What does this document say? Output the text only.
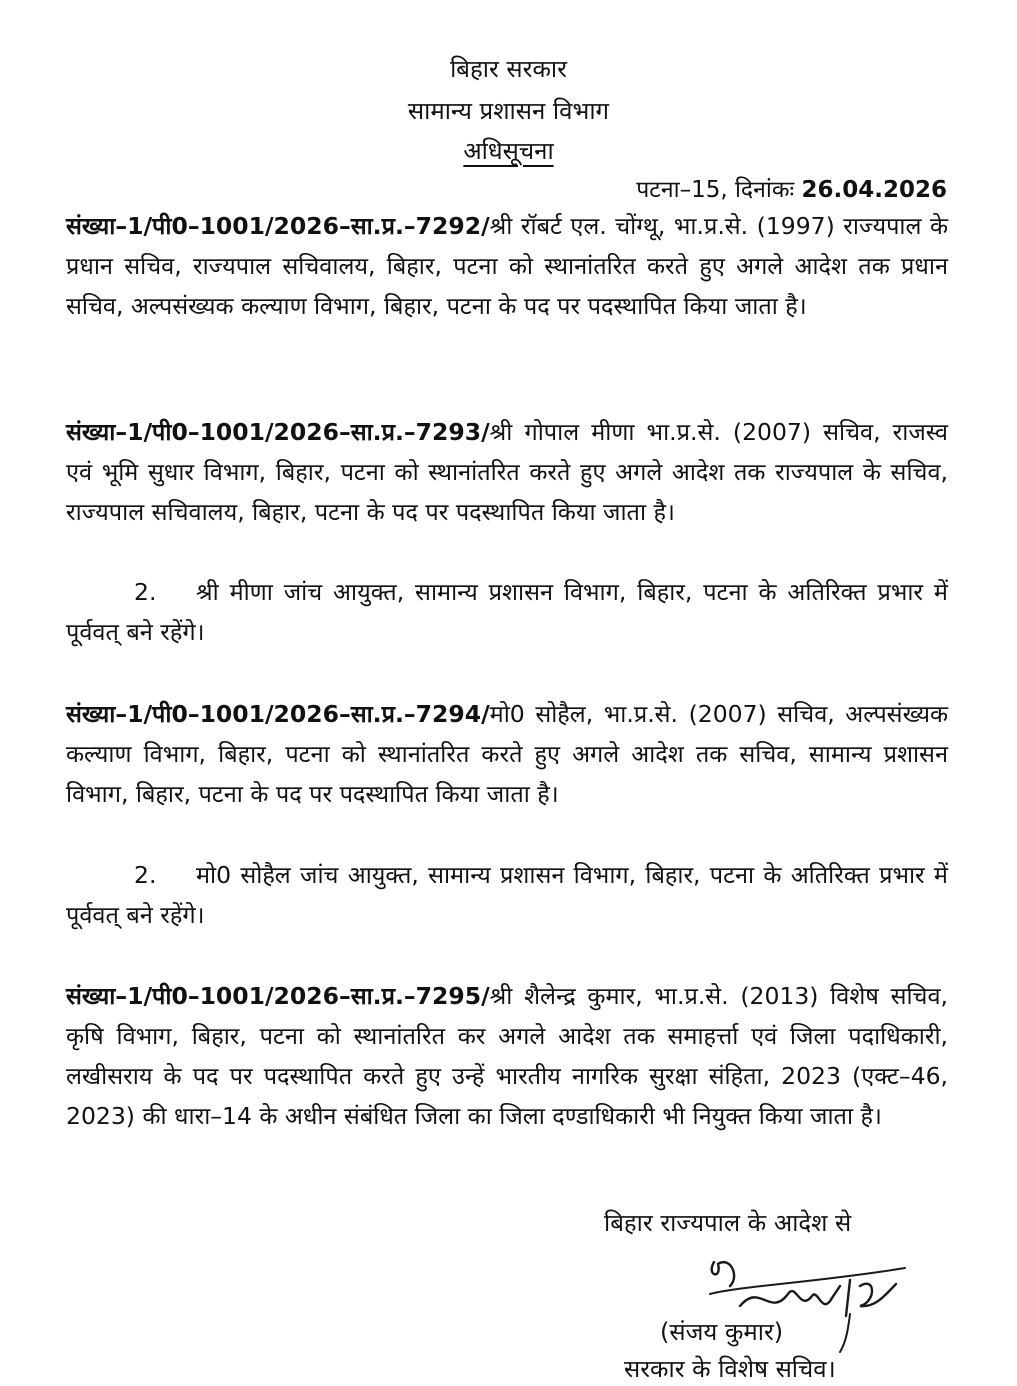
बिहार सरकार
सामान्य प्रशासन विभाग
अधिसूचना
पटना–15, दिनांकः 26.04.2026
संख्या–1/पी0–1001/2026–सा.प्र.–7292/श्री रॉबर्ट एल. चोंग्थू, भा.प्र.से. (1997) राज्यपाल के प्रधान सचिव, राज्यपाल सचिवालय, बिहार, पटना को स्थानांतरित करते हुए अगले आदेश तक प्रधान सचिव, अल्पसंख्यक कल्याण विभाग, बिहार, पटना के पद पर पदस्थापित किया जाता है।
संख्या–1/पी0–1001/2026–सा.प्र.–7293/श्री गोपाल मीणा भा.प्र.से. (2007) सचिव, राजस्व एवं भूमि सुधार विभाग, बिहार, पटना को स्थानांतरित करते हुए अगले आदेश तक राज्यपाल के सचिव, राज्यपाल सचिवालय, बिहार, पटना के पद पर पदस्थापित किया जाता है।
2. श्री मीणा जांच आयुक्त, सामान्य प्रशासन विभाग, बिहार, पटना के अतिरिक्त प्रभार में पूर्ववत् बने रहेंगे।
संख्या–1/पी0–1001/2026–सा.प्र.–7294/मो0 सोहैल, भा.प्र.से. (2007) सचिव, अल्पसंख्यक कल्याण विभाग, बिहार, पटना को स्थानांतरित करते हुए अगले आदेश तक सचिव, सामान्य प्रशासन विभाग, बिहार, पटना के पद पर पदस्थापित किया जाता है।
2. मो0 सोहैल जांच आयुक्त, सामान्य प्रशासन विभाग, बिहार, पटना के अतिरिक्त प्रभार में पूर्ववत् बने रहेंगे।
संख्या–1/पी0–1001/2026–सा.प्र.–7295/श्री शैलेन्द्र कुमार, भा.प्र.से. (2013) विशेष सचिव, कृषि विभाग, बिहार, पटना को स्थानांतरित कर अगले आदेश तक समाहर्त्ता एवं जिला पदाधिकारी, लखीसराय के पद पर पदस्थापित करते हुए उन्हें भारतीय नागरिक सुरक्षा संहिता, 2023 (एक्ट–46, 2023) की धारा–14 के अधीन संबंधित जिला का जिला दण्डाधिकारी भी नियुक्त किया जाता है।
बिहार राज्यपाल के आदेश से
(संजय कुमार)
सरकार के विशेष सचिव।
